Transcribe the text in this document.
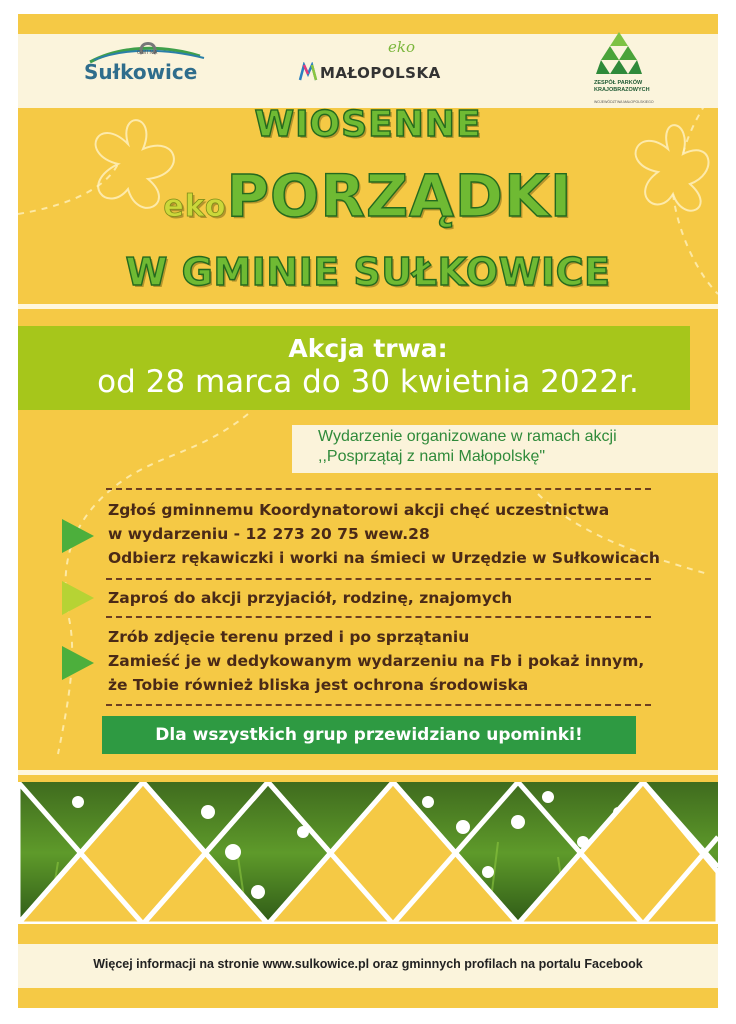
GMINA
Sułkowice
eko
MAŁOPOLSKA
ZESPÓŁ PARKÓW KRAJOBRAZOWYCH
WOJEWÓDZTWA MAŁOPOLSKIEGO
WIOSENNE
ekoPORZĄDKI
W GMINIE SUŁKOWICE
Akcja trwa:
od 28 marca do 30 kwietnia 2022r.
Wydarzenie organizowane w ramach akcji
,,Posprzątaj z nami Małopolskę"
Zgłoś gminnemu Koordynatorowi akcji chęć uczestnictwa
w wydarzeniu - 12 273 20 75 wew.28
Odbierz rękawiczki i worki na śmieci w Urzędzie w Sułkowicach
Zaproś do akcji przyjaciół, rodzinę, znajomych
Zrób zdjęcie terenu przed i po sprzątaniu
Zamieść je w dedykowanym wydarzeniu na Fb i pokaż innym,
że Tobie również bliska jest ochrona środowiska
Dla wszystkich grup przewidziano upominki!
Więcej informacji na stronie www.sulkowice.pl oraz gminnych profilach na portalu Facebook
